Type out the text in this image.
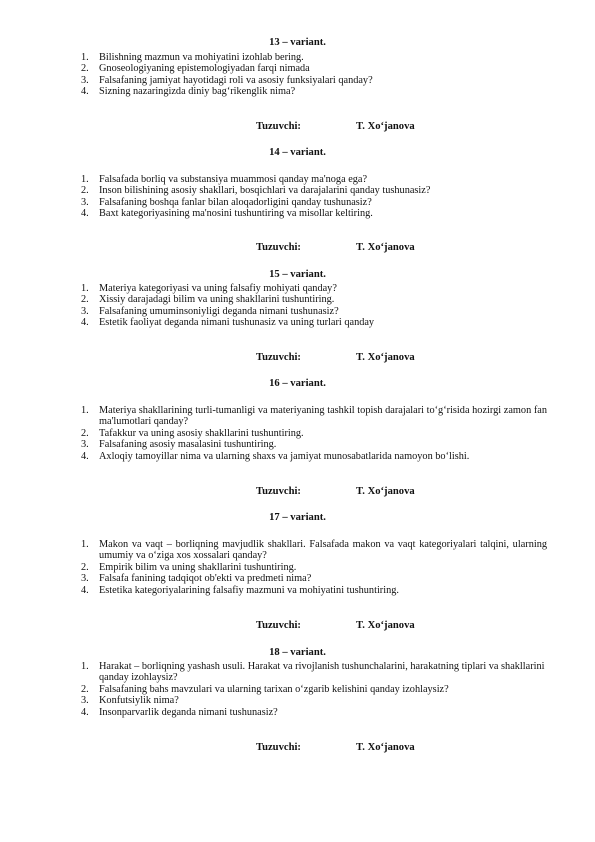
13 – variant.
1. Bilishning mazmun va mohiyatini izohlab bering.
2. Gnoseologiyaning epistemologiyadan farqi nimada
3. Falsafaning jamiyat hayotidagi roli va asosiy funksiyalari qanday?
4. Sizning nazaringizda diniy bag‘rikenglik nima?
Tuzuvchi:	T. Xo‘janova
14 – variant.
1. Falsafada borliq va substansiya muammosi qanday ma'noga ega?
2. Inson bilishining asosiy shakllari, bosqichlari va darajalarini qanday tushunasiz?
3. Falsafaning boshqa fanlar bilan aloqadorligini qanday tushunasiz?
4. Baxt kategoriyasining ma'nosini tushuntiring va misollar keltiring.
Tuzuvchi:	T. Xo‘janova
15 – variant.
1. Materiya kategoriyasi va uning falsafiy mohiyati qanday?
2. Xissiy darajadagi bilim va uning shakllarini tushuntiring.
3. Falsafaning umuminsoniyligi deganda nimani tushunasiz?
4. Estetik faoliyat deganda nimani tushunasiz va uning turlari qanday
Tuzuvchi:	T. Xo‘janova
16 – variant.
1. Materiya shakllarining turli-tumanligi va materiyaning tashkil topish darajalari to‘g‘risida hozirgi zamon fan ma'lumotlari qanday?
2. Tafakkur va uning asosiy shakllarini tushuntiring.
3. Falsafaning asosiy masalasini tushuntiring.
4. Axloqiy tamoyillar nima va ularning shaxs va jamiyat munosabatlarida namoyon bo‘lishi.
Tuzuvchi:	T. Xo‘janova
17 – variant.
1. Makon va vaqt – borliqning mavjudlik shakllari. Falsafada makon va vaqt kategoriyalari talqini, ularning umumiy va o‘ziga xos xossalari qanday?
2. Empirik bilim va uning shakllarini tushuntiring.
3. Falsafa fanining tadqiqot ob'ekti va predmeti nima?
4. Estetika kategoriyalarining falsafiy mazmuni va mohiyatini tushuntiring.
Tuzuvchi:	T. Xo‘janova
18 – variant.
1. Harakat – borliqning yashash usuli. Harakat va rivojlanish tushunchalarini, harakatning tiplari va shakllarini qanday izohlaysiz?
2. Falsafaning bahs mavzulari va ularning tarixan o‘zgarib kelishini qanday izohlaysiz?
3. Konfutsiylik nima?
4. Insonparvarlik deganda nimani tushunasiz?
Tuzuvchi:	T. Xo‘janova
